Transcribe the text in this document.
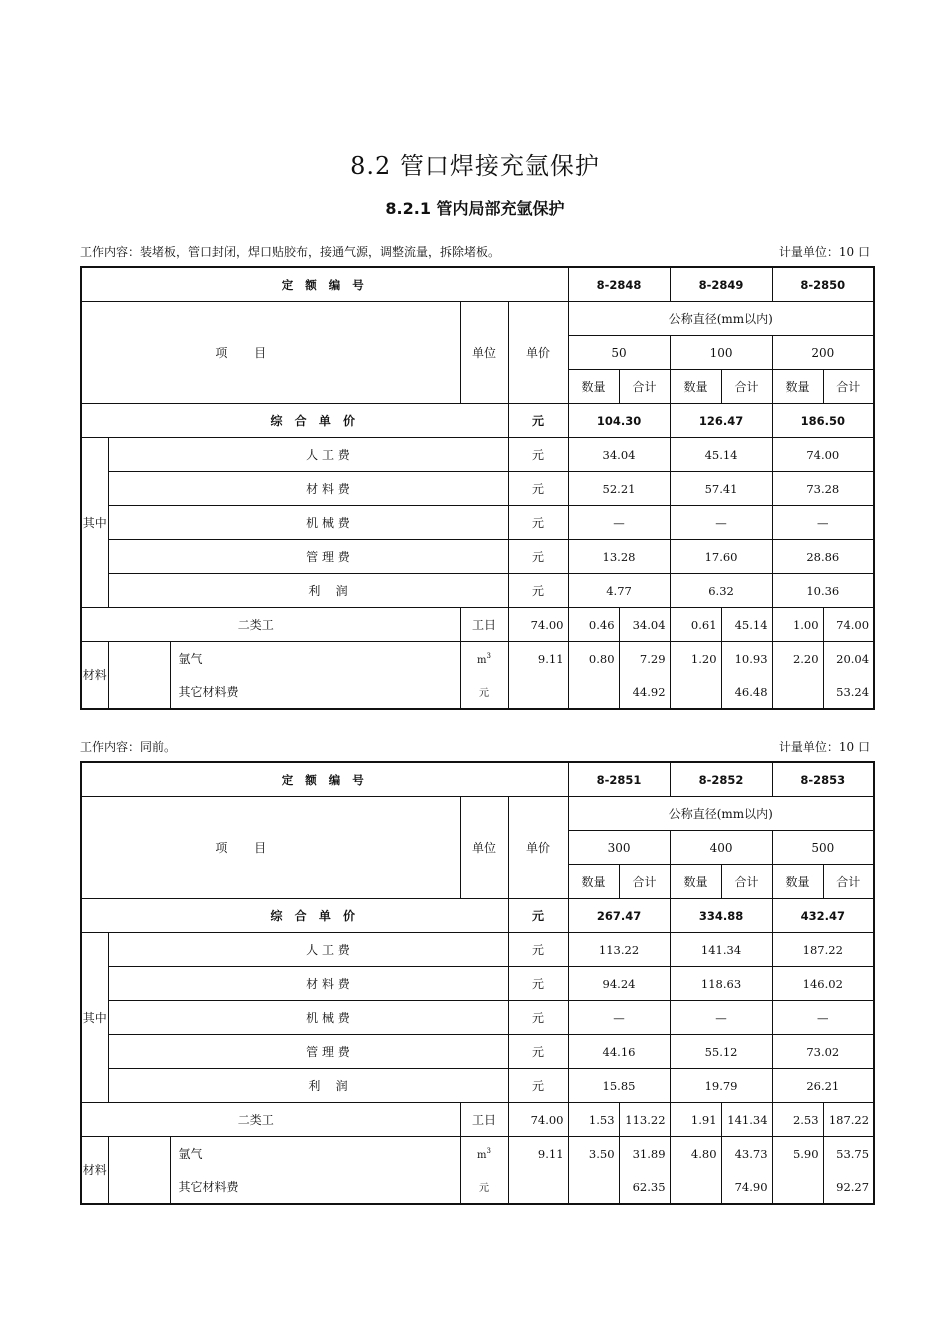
8.2 管口焊接充氩保护
8.2.1 管内局部充氩保护
工作内容：装堵板，管口封闭，焊口贴胶布，接通气源，调整流量，拆除堵板。	计量单位：10 口
定 额 编 号					8-2848		8-2849		8-2850	
项       目			单位	单价	公称直径(mm以内)					
					50		100		200	
					数量	合计	数量	合计	数量	合计
综 合 单 价				元	104.30		126.47		186.50	
其中	人 工 费			元	34.04		45.14		74.00	
	材 料 费			元	52.21		57.41		73.28	
	机 械 费			元	—		—		—	
	管 理 费			元	13.28		17.60		28.86	
	利    润			元	4.77		6.32		10.36	
二类工			工日	74.00	0.46	34.04	0.61	45.14	1.00	74.00
材料		氩气	$m^3$	9.11	0.80	7.29	1.20	10.93	2.20	20.04
		其它材料费	元			44.92		46.48		53.24
工作内容：同前。	计量单位：10 口
定 额 编 号					8-2851		8-2852		8-2853	
项       目			单位	单价	公称直径(mm以内)					
					300		400		500	
					数量	合计	数量	合计	数量	合计
综 合 单 价				元	267.47		334.88		432.47	
其中	人 工 费			元	113.22		141.34		187.22	
	材 料 费			元	94.24		118.63		146.02	
	机 械 费			元	—		—		—	
	管 理 费			元	44.16		55.12		73.02	
	利    润			元	15.85		19.79		26.21	
二类工			工日	74.00	1.53	113.22	1.91	141.34	2.53	187.22
材料		氩气	$m^3$	9.11	3.50	31.89	4.80	43.73	5.90	53.75
		其它材料费	元			62.35		74.90		92.27
